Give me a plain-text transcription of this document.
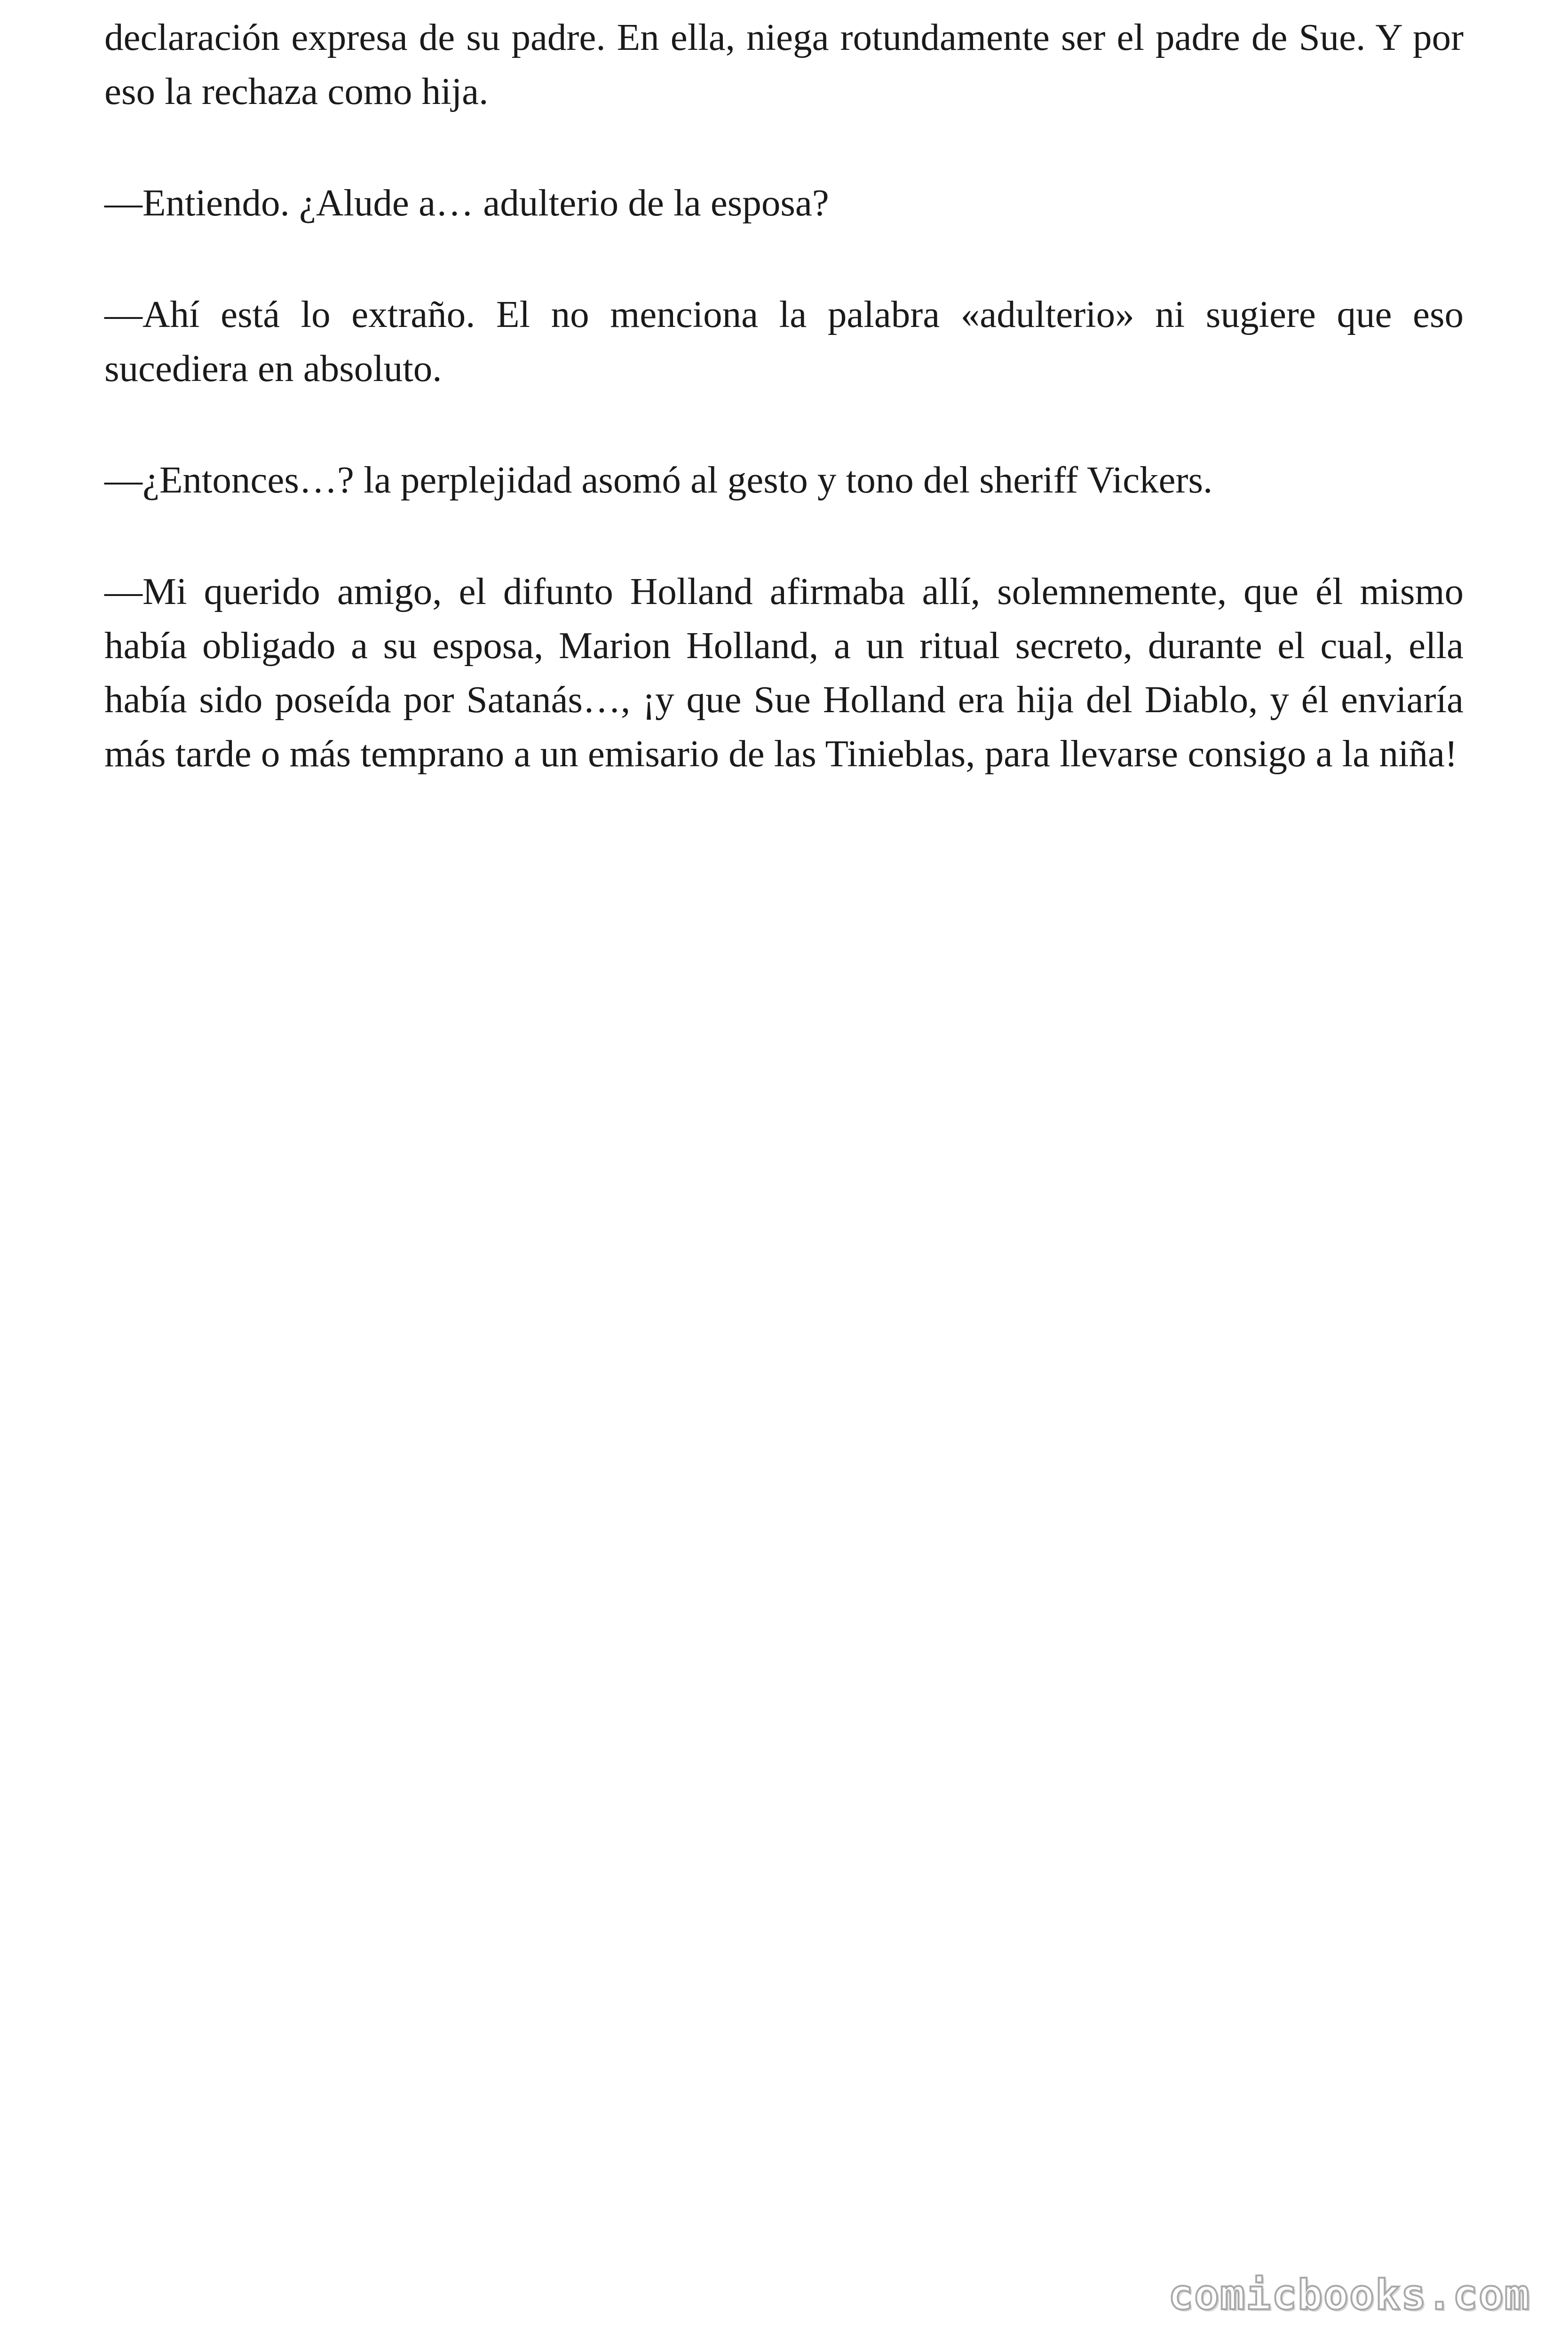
declaración expresa de su padre. En ella, niega rotundamente ser el padre de Sue. Y por eso la rechaza como hija.

—Entiendo. ¿Alude a… adulterio de la esposa?

—Ahí está lo extraño. El no menciona la palabra «adulterio» ni sugiere que eso sucediera en absoluto.

—¿Entonces…? la perplejidad asomó al gesto y tono del sheriff Vickers.

—Mi querido amigo, el difunto Holland afirmaba allí, solemnemente, que él mismo había obligado a su esposa, Marion Holland, a un ritual secreto, durante el cual, ella había sido poseída por Satanás…, ¡y que Sue Holland era hija del Diablo, y él enviaría más tarde o más temprano a un emisario de las Tinieblas, para llevarse consigo a la niña!

comicbooks.com
